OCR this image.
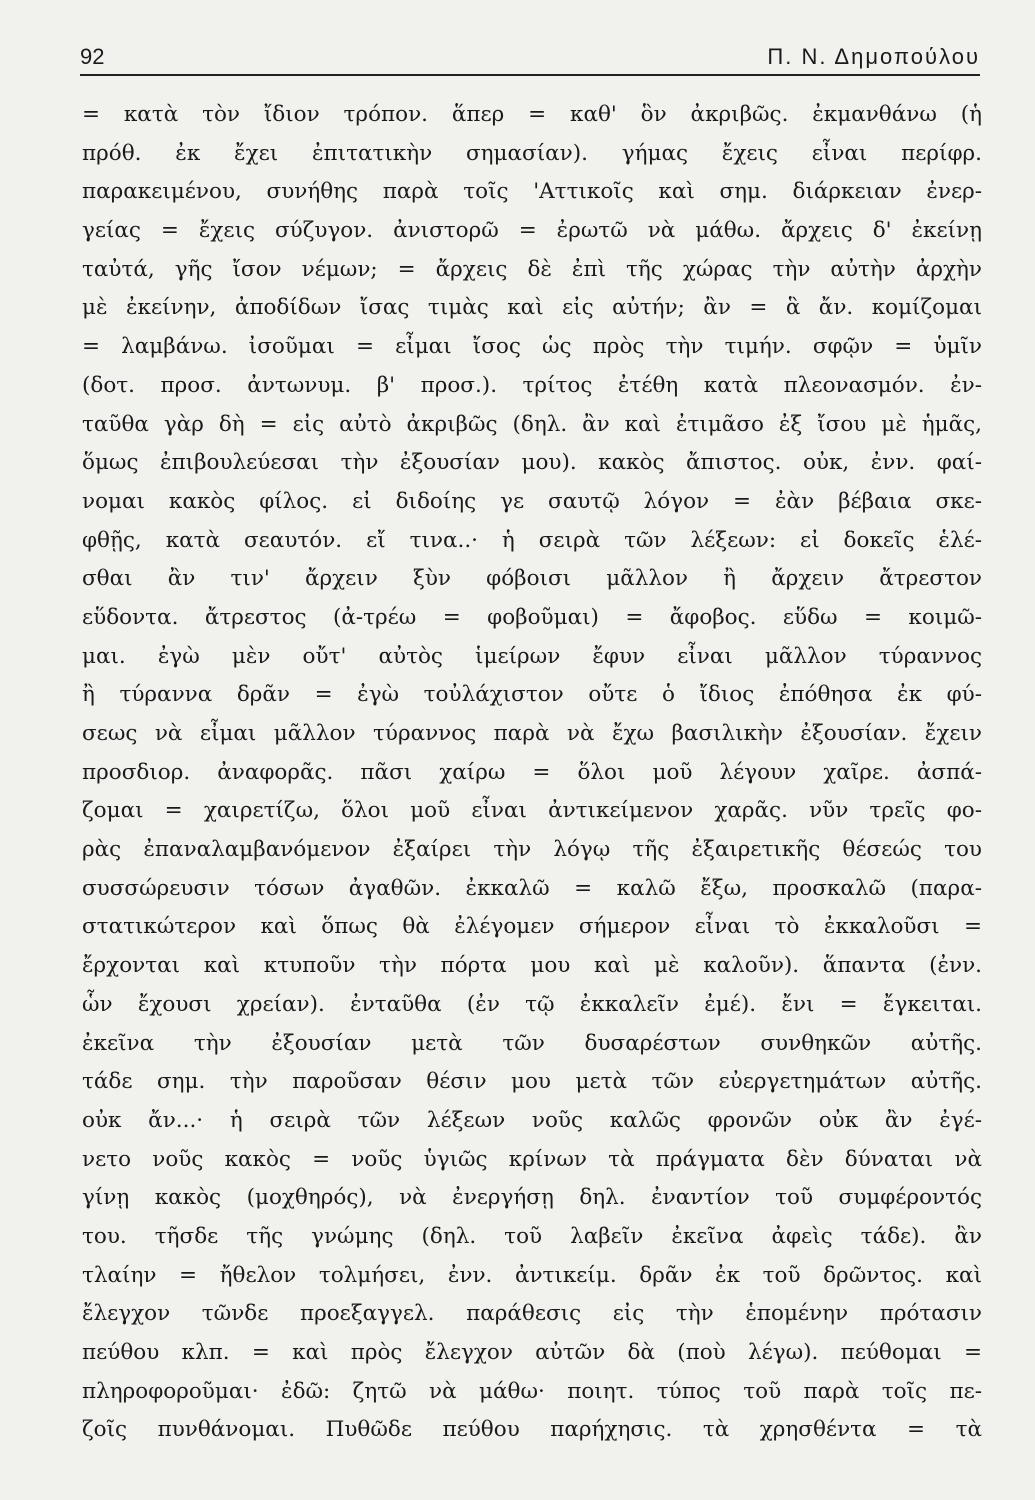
92	Π. Ν. Δημοπούλου
= κατὰ τὸν ἴδιον τρόπον. ἅπερ = καθ' ὃν ἀκριβῶς. ἐκμανθάνω (ἡ
πρόθ. ἐκ ἔχει ἐπιτατικὴν σημασίαν). γήμας ἔχεις εἶναι περίφρ.
παρακειμένου, συνήθης παρὰ τοῖς 'Αττικοῖς καὶ σημ. διάρκειαν ἐνερ-
γείας = ἔχεις σύζυγον. ἀνιστορῶ = ἐρωτῶ νὰ μάθω. ἄρχεις δ' ἐκείνῃ
ταὐτά, γῆς ἴσον νέμων; = ἄρχεις δὲ ἐπὶ τῆς χώρας τὴν αὐτὴν ἀρχὴν
μὲ ἐκείνην, ἀποδίδων ἴσας τιμὰς καὶ εἰς αὐτήν; ἂν = ἃ ἄν. κομίζομαι
= λαμβάνω. ἰσοῦμαι = εἶμαι ἴσος ὡς πρὸς τὴν τιμήν. σφῷν = ὑμῖν
(δοτ. προσ. ἀντωνυμ. β' προσ.). τρίτος ἐτέθη κατὰ πλεονασμόν. ἐν-
ταῦθα γὰρ δὴ = εἰς αὐτὸ ἀκριβῶς (δηλ. ἂν καὶ ἐτιμᾶσο ἐξ ἴσου μὲ ἡμᾶς,
ὅμως ἐπιβουλεύεσαι τὴν ἐξουσίαν μου). κακὸς ἄπιστος. οὐκ, ἐνν. φαί-
νομαι κακὸς φίλος. εἰ διδοίης γε σαυτῷ λόγον = ἐὰν βέβαια σκε-
φθῇς, κατὰ σεαυτόν. εἴ τινα..· ἡ σειρὰ τῶν λέξεων: εἰ δοκεῖς ἑλέ-
σθαι ἂν τιν' ἄρχειν ξὺν φόβοισι μᾶλλον ἢ ἄρχειν ἄτρεστον
εὕδοντα. ἄτρεστος (ἀ-τρέω = φοβοῦμαι) = ἄφοβος. εὕδω = κοιμῶ-
μαι. ἐγὼ μὲν οὔτ' αὐτὸς ἱμείρων ἔφυν εἶναι μᾶλλον τύραννος
ἢ τύραννα δρᾶν = ἐγὼ τοὐλάχιστον οὔτε ὁ ἴδιος ἐπόθησα ἐκ φύ-
σεως νὰ εἶμαι μᾶλλον τύραννος παρὰ νὰ ἔχω βασιλικὴν ἐξουσίαν. ἔχειν
προσδιορ. ἀναφορᾶς. πᾶσι χαίρω = ὅλοι μοῦ λέγουν χαῖρε. ἀσπά-
ζομαι = χαιρετίζω, ὅλοι μοῦ εἶναι ἀντικείμενον χαρᾶς. νῦν τρεῖς φο-
ρὰς ἐπαναλαμβανόμενον ἐξαίρει τὴν λόγῳ τῆς ἐξαιρετικῆς θέσεώς του
συσσώρευσιν τόσων ἀγαθῶν. ἐκκαλῶ = καλῶ ἔξω, προσκαλῶ (παρα-
στατικώτερον καὶ ὅπως θὰ ἐλέγομεν σήμερον εἶναι τὸ ἐκκαλοῦσι =
ἔρχονται καὶ κτυποῦν τὴν πόρτα μου καὶ μὲ καλοῦν). ἅπαντα (ἐνν.
ὧν ἔχουσι χρείαν). ἐνταῦθα (ἐν τῷ ἐκκαλεῖν ἐμέ). ἔνι = ἔγκειται.
ἐκεῖνα τὴν ἐξουσίαν μετὰ τῶν δυσαρέστων συνθηκῶν αὐτῆς.
τάδε σημ. τὴν παροῦσαν θέσιν μου μετὰ τῶν εὐεργετημάτων αὐτῆς.
οὐκ ἄν...· ἡ σειρὰ τῶν λέξεων νοῦς καλῶς φρονῶν οὐκ ἂν ἐγέ-
νετο νοῦς κακὸς = νοῦς ὑγιῶς κρίνων τὰ πράγματα δὲν δύναται νὰ
γίνῃ κακὸς (μοχθηρός), νὰ ἐνεργήσῃ δηλ. ἐναντίον τοῦ συμφέροντός
του. τῆσδε τῆς γνώμης (δηλ. τοῦ λαβεῖν ἐκεῖνα ἀφεὶς τάδε). ἂν
τλαίην = ἤθελον τολμήσει, ἐνν. ἀντικείμ. δρᾶν ἐκ τοῦ δρῶντος. καὶ
ἔλεγχον τῶνδε προεξαγγελ. παράθεσις εἰς τὴν ἑπομένην πρότασιν
πεύθου κλπ. = καὶ πρὸς ἔλεγχον αὐτῶν δὰ (ποὺ λέγω). πεύθομαι =
πληροφοροῦμαι· ἐδῶ: ζητῶ νὰ μάθω· ποιητ. τύπος τοῦ παρὰ τοῖς πε-
ζοῖς πυνθάνομαι. Πυθῶδε πεύθου παρήχησις. τὰ χρησθέντα = τὰ
